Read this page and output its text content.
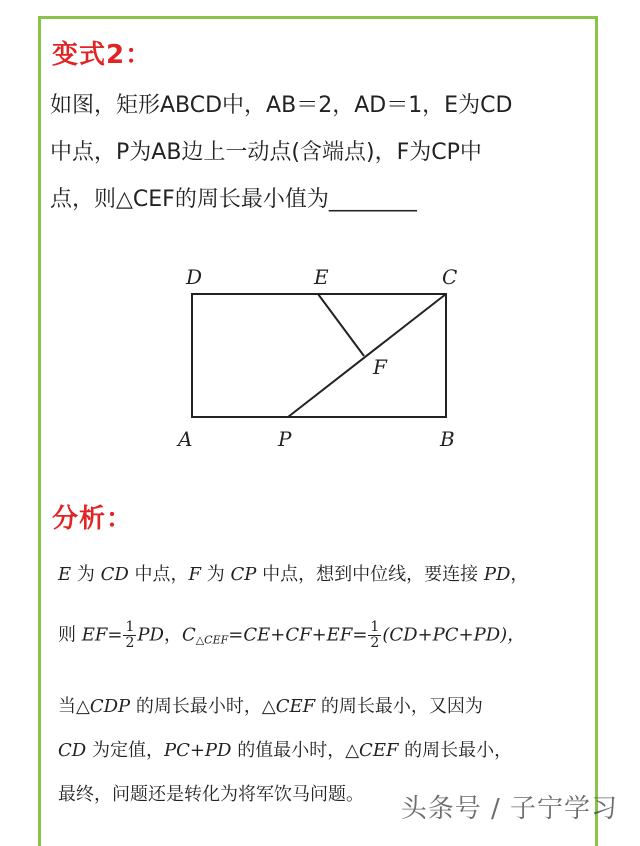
变式2：
如图，矩形ABCD中，AB＝2，AD＝1，E为CD
中点，P为AB边上一动点(含端点)，F为CP中
点，则△CEF的周长最小值为________
D	E	C
F
A	P	B
分析：
E 为 CD 中点，F 为 CP 中点，想到中位线，要连接 PD，
则 $EF= \frac{1}{2}$ PD，$C_{\triangle CEF}=CE+CF+EF= \frac{1}{2} (CD+PC+PD)$，
当△CDP 的周长最小时，△CEF 的周长最小，又因为
CD 为定值，PC+PD 的值最小时，△CEF 的周长最小，
最终，问题还是转化为将军饮马问题。	头条号 / 子宁学习
